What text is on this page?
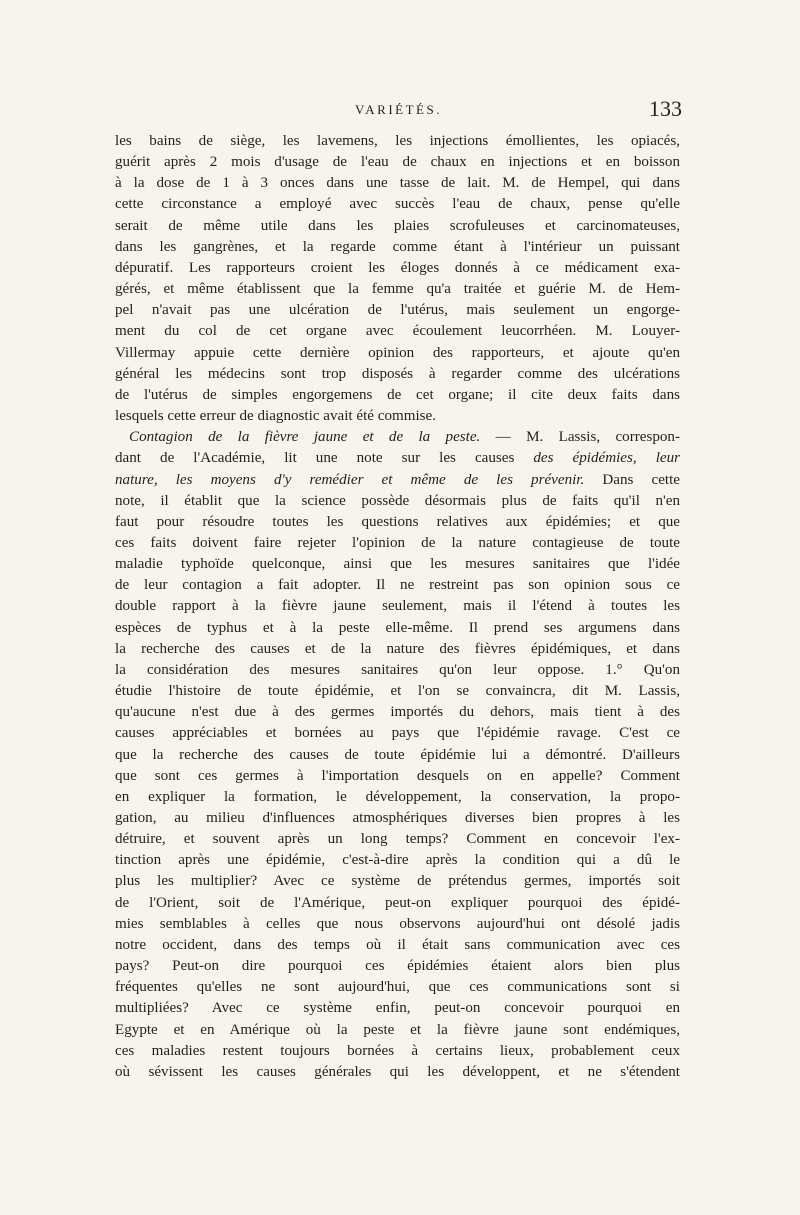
VARIÉTÉS.	133
les bains de siège, les lavemens, les injections émollientes, les opiacés,
guérit après 2 mois d'usage de l'eau de chaux en injections et en boisson
à la dose de 1 à 3 onces dans une tasse de lait. M. de Hempel, qui dans
cette circonstance a employé avec succès l'eau de chaux, pense qu'elle
serait de même utile dans les plaies scrofuleuses et carcinomateuses,
dans les gangrènes, et la regarde comme étant à l'intérieur un puissant
dépuratif. Les rapporteurs croient les éloges donnés à ce médicament exa-
gérés, et même établissent que la femme qu'a traitée et guérie M. de Hem-
pel n'avait pas une ulcération de l'utérus, mais seulement un engorge-
ment du col de cet organe avec écoulement leucorrhéen. M. Louyer-
Villermay appuie cette dernière opinion des rapporteurs, et ajoute qu'en
général les médecins sont trop disposés à regarder comme des ulcérations
de l'utérus de simples engorgemens de cet organe; il cite deux faits dans
lesquels cette erreur de diagnostic avait été commise.
Contagion de la fièvre jaune et de la peste. — M. Lassis, correspon-
dant de l'Académie, lit une note sur les causes des épidémies, leur
nature, les moyens d'y remédier et même de les prévenir. Dans cette
note, il établit que la science possède désormais plus de faits qu'il n'en
faut pour résoudre toutes les questions relatives aux épidémies; et que
ces faits doivent faire rejeter l'opinion de la nature contagieuse de toute
maladie typhoïde quelconque, ainsi que les mesures sanitaires que l'idée
de leur contagion a fait adopter. Il ne restreint pas son opinion sous ce
double rapport à la fièvre jaune seulement, mais il l'étend à toutes les
espèces de typhus et à la peste elle-même. Il prend ses argumens dans
la recherche des causes et de la nature des fièvres épidémiques, et dans
la considération des mesures sanitaires qu'on leur oppose. 1.° Qu'on
étudie l'histoire de toute épidémie, et l'on se convaincra, dit M. Lassis,
qu'aucune n'est due à des germes importés du dehors, mais tient à des
causes appréciables et bornées au pays que l'épidémie ravage. C'est ce
que la recherche des causes de toute épidémie lui a démontré. D'ailleurs
que sont ces germes à l'importation desquels on en appelle? Comment
en expliquer la formation, le développement, la conservation, la propo-
gation, au milieu d'influences atmosphériques diverses bien propres à les
détruire, et souvent après un long temps? Comment en concevoir l'ex-
tinction après une épidémie, c'est-à-dire après la condition qui a dû le
plus les multiplier? Avec ce système de prétendus germes, importés soit
de l'Orient, soit de l'Amérique, peut-on expliquer pourquoi des épidé-
mies semblables à celles que nous observons aujourd'hui ont désolé jadis
notre occident, dans des temps où il était sans communication avec ces
pays? Peut-on dire pourquoi ces épidémies étaient alors bien plus
fréquentes qu'elles ne sont aujourd'hui, que ces communications sont si
multipliées? Avec ce système enfin, peut-on concevoir pourquoi en
Egypte et en Amérique où la peste et la fièvre jaune sont endémiques,
ces maladies restent toujours bornées à certains lieux, probablement ceux
où sévissent les causes générales qui les développent, et ne s'étendent
